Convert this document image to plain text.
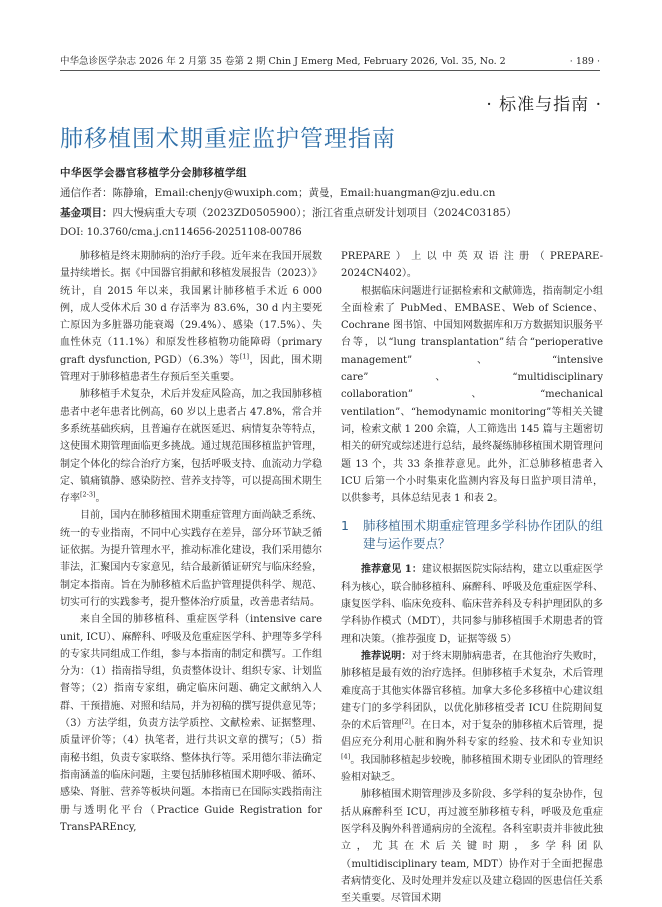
中华急诊医学杂志 2026 年 2 月第 35 卷第 2 期 Chin J Emerg Med, February 2026, Vol. 35, No. 2	· 189 ·
· 标准与指南 ·
肺移植围术期重症监护管理指南
中华医学会器官移植学分会肺移植学组
通信作者：陈静瑜，Email:chenjy@wuxiph.com；黄曼，Email:huangman@zju.edu.cn
基金项目：四大慢病重大专项（2023ZD0505900）；浙江省重点研发计划项目（2024C03185）
DOI: 10.3760/cma.j.cn114656-20251108-00786

肺移植是终末期肺病的治疗手段。近年来在我国开展数量持续增长。据《中国器官捐献和移植发展报告（2023）》统计，自 2015 年以来，我国累计肺移植手术近 6 000 例，成人受体术后 30 d 存活率为 83.6%，30 d 内主要死亡原因为多脏器功能衰竭（29.4%）、感染（17.5%）、失血性休克（11.1%）和原发性移植物功能障碍（primary graft dysfunction, PGD）（6.3%）等[1]，因此，围术期管理对于肺移植患者生存预后至关重要。

肺移植手术复杂，术后并发症风险高，加之我国肺移植患者中老年患者比例高，60 岁以上患者占 47.8%，常合并多系统基础疾病，且普遍存在就医延迟、病情复杂等特点，这使围术期管理面临更多挑战。通过规范围移植监护管理，制定个体化的综合治疗方案，包括呼吸支持、血流动力学稳定、镇痛镇静、感染防控、营养支持等，可以提高围术期生存率[2-3]。

目前，国内在肺移植围术期重症管理方面尚缺乏系统、统一的专业指南，不同中心实践存在差异，部分环节缺乏循证依据。为提升管理水平，推动标准化建设，我们采用德尔菲法，汇聚国内专家意见，结合最新循证研究与临床经验，制定本指南。旨在为肺移植术后监护管理提供科学、规范、切实可行的实践参考，提升整体治疗质量，改善患者结局。

来自全国的肺移植科、重症医学科（intensive care unit, ICU）、麻醉科、呼吸及危重症医学科、护理等多学科的专家共同组成工作组，参与本指南的制定和撰写。工作组分为：（1）指南指导组，负责整体设计、组织专家、计划监督等；（2）指南专家组，确定临床问题、确定文献纳入人群、干预措施、对照和结局，并为初稿的撰写提供意见等；（3）方法学组，负责方法学质控、文献检索、证据整理、质量评价等；（4）执笔者，进行共识文章的撰写；（5）指南秘书组，负责专家联络、整体执行等。采用德尔菲法确定指南涵盖的临床问题，主要包括肺移植围术期呼吸、循环、感染、肾脏、营养等板块问题。本指南已在国际实践指南注册与透明化平台（Practice Guide Registration for TransPAREncy,

PREPARE）上以中英双语注册（PREPARE-2024CN402）。

根据临床问题进行证据检索和文献筛选，指南制定小组全面检索了 PubMed、EMBASE、Web of Science、Cochrane 图书馆、中国知网数据库和万方数据知识服务平台等，以“lung transplantation”结合“perioperative management”、“intensive care”、“multidisciplinary collaboration”、“mechanical ventilation”、“hemodynamic monitoring”等相关关键词，检索文献 1 200 余篇，人工筛选出 145 篇与主题密切相关的研究或综述进行总结，最终凝练肺移植围术期管理问题 13 个，共 33 条推荐意见。此外，汇总肺移植患者入 ICU 后第一个小时集束化监测内容及每日监护项目清单，以供参考，具体总结见表 1 和表 2。

1	肺移植围术期重症管理多学科协作团队的组建与运作要点？

推荐意见 1：建议根据医院实际结构，建立以重症医学科为核心，联合肺移植科、麻醉科、呼吸及危重症医学科、康复医学科、临床免疫科、临床营养科及专科护理团队的多学科协作模式（MDT），共同参与肺移植围手术期患者的管理和决策。（推荐强度 D，证据等级 5）

推荐说明：对于终末期肺病患者，在其他治疗失败时，肺移植是最有效的治疗选择。但肺移植手术复杂，术后管理难度高于其他实体器官移植。加拿大多伦多移植中心建议组建专门的多学科团队，以优化肺移植受者 ICU 住院期间复杂的术后管理[2]。在日本，对于复杂的肺移植术后管理，提倡应充分利用心脏和胸外科专家的经验、技术和专业知识[4]。我国肺移植起步较晚，肺移植围术期专业团队的管理经验相对缺乏。

肺移植围术期管理涉及多阶段、多学科的复杂协作，包括从麻醉科至 ICU，再过渡至肺移植专科，呼吸及危重症医学科及胸外科普通病房的全流程。各科室职责并非彼此独立，尤其在术后关键时期，多学科团队（multidisciplinary team, MDT）协作对于全面把握患者病情变化、及时处理并发症以及建立稳固的医患信任关系至关重要。尽管国术期
